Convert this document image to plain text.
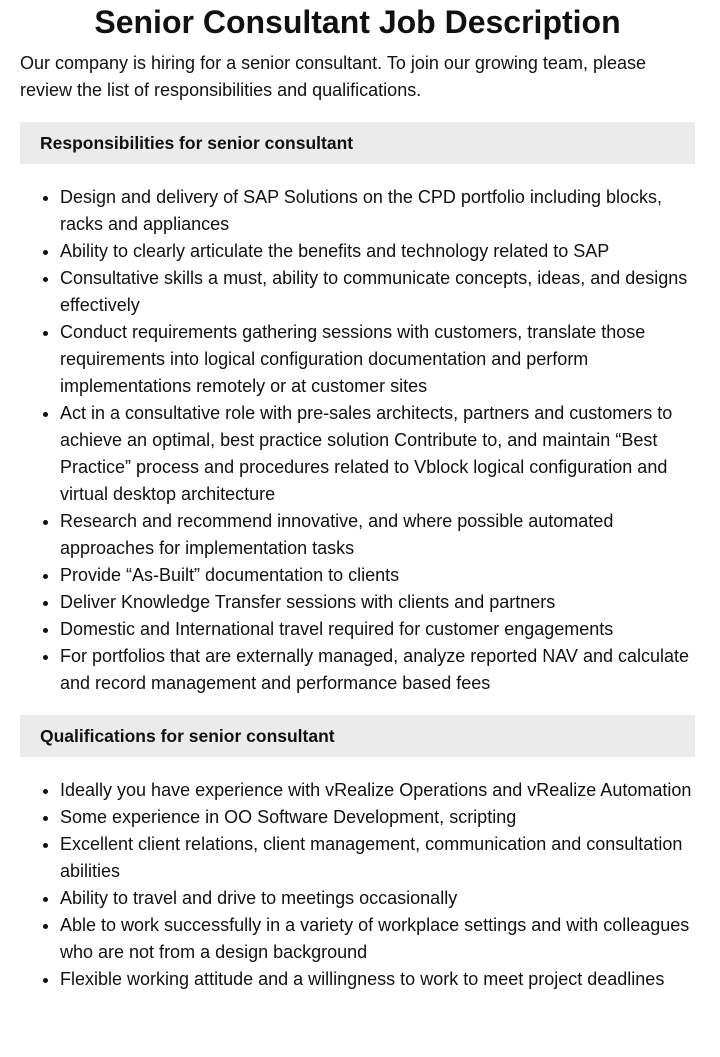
Senior Consultant Job Description

Our company is hiring for a senior consultant. To join our growing team, please review the list of responsibilities and qualifications.

Responsibilities for senior consultant
• Design and delivery of SAP Solutions on the CPD portfolio including blocks, racks and appliances
• Ability to clearly articulate the benefits and technology related to SAP
• Consultative skills a must, ability to communicate concepts, ideas, and designs effectively
• Conduct requirements gathering sessions with customers, translate those requirements into logical configuration documentation and perform implementations remotely or at customer sites
• Act in a consultative role with pre-sales architects, partners and customers to achieve an optimal, best practice solution Contribute to, and maintain “Best Practice” process and procedures related to Vblock logical configuration and virtual desktop architecture
• Research and recommend innovative, and where possible automated approaches for implementation tasks
• Provide “As-Built” documentation to clients
• Deliver Knowledge Transfer sessions with clients and partners
• Domestic and International travel required for customer engagements
• For portfolios that are externally managed, analyze reported NAV and calculate and record management and performance based fees
Qualifications for senior consultant
• Ideally you have experience with vRealize Operations and vRealize Automation
• Some experience in OO Software Development, scripting
• Excellent client relations, client management, communication and consultation abilities
• Ability to travel and drive to meetings occasionally
• Able to work successfully in a variety of workplace settings and with colleagues who are not from a design background
• Flexible working attitude and a willingness to work to meet project deadlines
